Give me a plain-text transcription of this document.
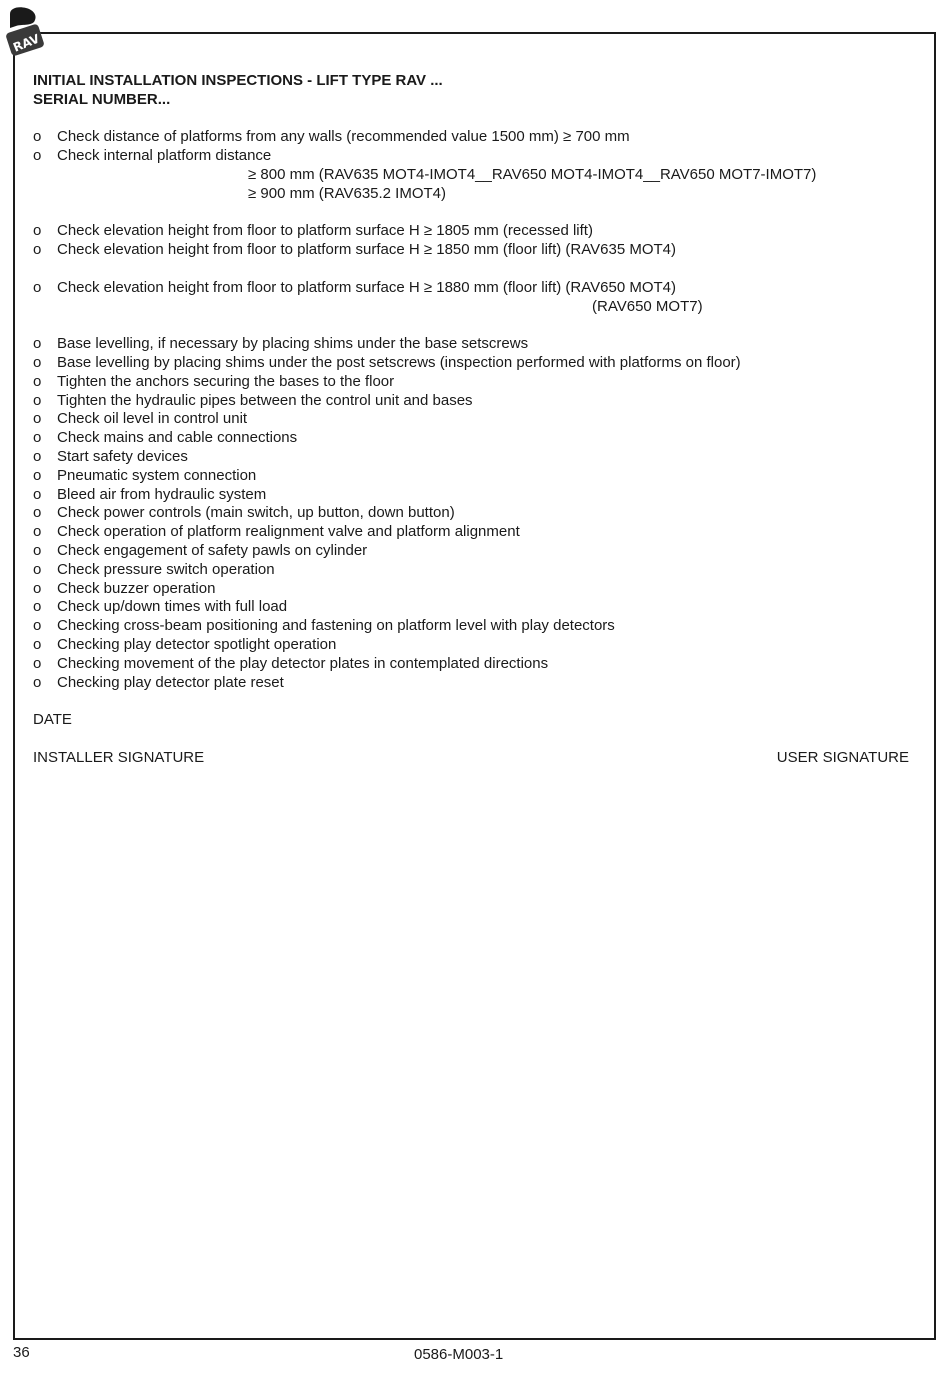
RAV
INITIAL INSTALLATION INSPECTIONS - LIFT TYPE RAV ...
SERIAL NUMBER...
o Check distance of platforms from any walls (recommended value 1500 mm) ≥ 700 mm
o Check internal platform distance
≥ 800 mm (RAV635 MOT4-IMOT4__RAV650 MOT4-IMOT4__RAV650 MOT7-IMOT7)
≥ 900 mm (RAV635.2 IMOT4)
o Check elevation height from floor to platform surface H ≥ 1805 mm (recessed lift)
o Check elevation height from floor to platform surface H ≥ 1850 mm (floor lift) (RAV635 MOT4)
o Check elevation height from floor to platform surface H ≥ 1880 mm (floor lift) (RAV650 MOT4)
(RAV650 MOT7)
o Base levelling, if necessary by placing shims under the base setscrews
o Base levelling by placing shims under the post setscrews (inspection performed with platforms on floor)
o Tighten the anchors securing the bases to the floor
o Tighten the hydraulic pipes between the control unit and bases
o Check oil level in control unit
o Check mains and cable connections
o Start safety devices
o Pneumatic system connection
o Bleed air from hydraulic system
o Check power controls (main switch, up button, down button)
o Check operation of platform realignment valve and platform alignment
o Check engagement of safety pawls on cylinder
o Check pressure switch operation
o Check buzzer operation
o Check up/down times with full load
o Checking cross-beam positioning and fastening on platform level with play detectors
o Checking play detector spotlight operation
o Checking movement of the play detector plates in contemplated directions
o Checking play detector plate reset
DATE
INSTALLER SIGNATURE	USER SIGNATURE
36	0586-M003-1
